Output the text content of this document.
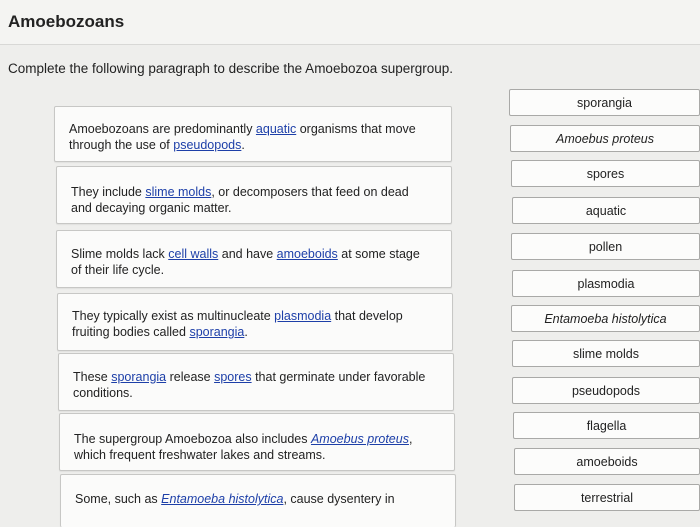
Amoebozoans
Complete the following paragraph to describe the Amoebozoa supergroup.
Amoebozoans are predominantly aquatic organisms that move
through the use of pseudopods.
They include slime molds, or decomposers that feed on dead
and decaying organic matter.
Slime molds lack cell walls and have amoeboids at some stage
of their life cycle.
They typically exist as multinucleate plasmodia that develop
fruiting bodies called sporangia.
These sporangia release spores that germinate under favorable
conditions.
The supergroup Amoebozoa also includes Amoebus proteus,
which frequent freshwater lakes and streams.
Some, such as Entamoeba histolytica, cause dysentery in
sporangia
Amoebus proteus
spores
aquatic
pollen
plasmodia
Entamoeba histolytica
slime molds
pseudopods
flagella
amoeboids
terrestrial
